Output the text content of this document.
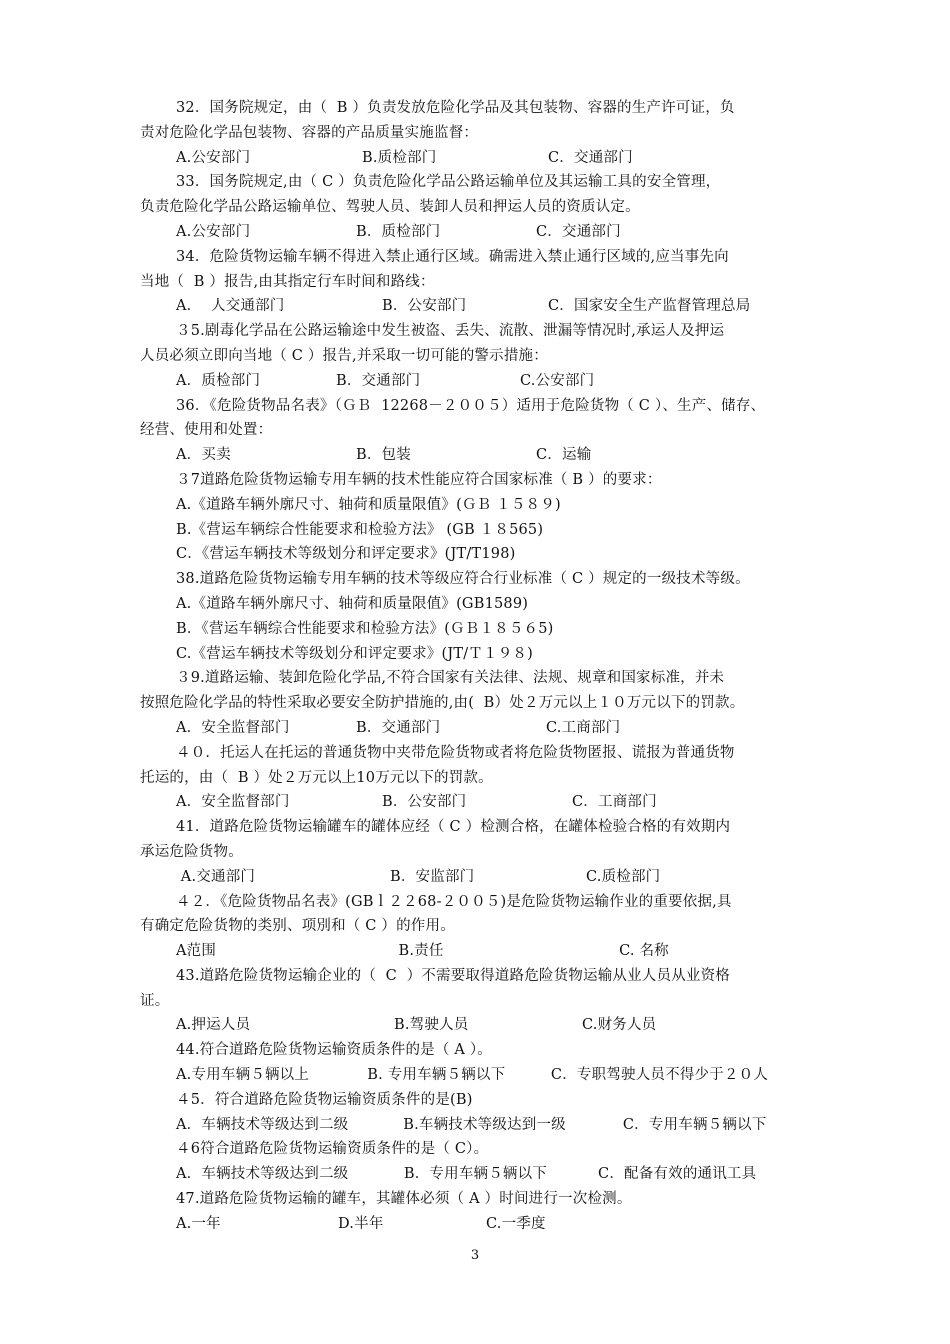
32．国务院规定，由（  B ）负责发放危险化学品及其包装物、容器的生产许可证，负
责对危险化学品包装物、容器的产品质量实施监督：
A.公安部门	B.质检部门	C．交通部门
33．国务院规定,由（ C ）负责危险化学品公路运输单位及其运输工具的安全管理，
负责危险化学品公路运输单位、驾驶人员、装卸人员和押运人员的资质认定。
A.公安部门	B．质检部门	C．交通部门
34．危险货物运输车辆不得进入禁止通行区域。确需进入禁止通行区域的,应当事先向
当地（  B ）报告,由其指定行车时间和路线：
A．  人交通部门	B．公安部门	C．国家安全生产监督管理总局
３5.剧毒化学品在公路运输途中发生被盗、丢失、流散、泄漏等情况时,承运人及押运
人员必须立即向当地（ C ）报告,并采取一切可能的警示措施：
A．质检部门	B．交通部门	C.公安部门
36．《危险货物品名表》（ＧＢ  12268－２００５）适用于危险货物（ C ）、生产、储存、
经营、使用和处置：
A．买卖	B．包装	C．运输
３7道路危险货物运输专用车辆的技术性能应符合国家标准（ B ）的要求：
A.《道路车辆外廓尺寸、轴荷和质量限值》(ＧＢ １５８９)
B.《营运车辆综合性能要求和检验方法》 (GB １８565)
C．《营运车辆技术等级划分和评定要求》(JT/T198)
38.道路危险货物运输专用车辆的技术等级应符合行业标准（ C ）规定的一级技术等级。
A.《道路车辆外廓尺寸、轴荷和质量限值》(GB1589)
B．《营运车辆综合性能要求和检验方法》(ＧＢ１８５６5)
C.《营运车辆技术等级划分和评定要求》(JT/Ｔ１９８)
３9.道路运输、装卸危险化学品,不符合国家有关法律、法规、规章和国家标准，并未
按照危险化学品的特性采取必要安全防护措施的,由(  B）处２万元以上１０万元以下的罚款。
A．安全监督部门	B．交通部门	C.工商部门
４０．托运人在托运的普通货物中夹带危险货物或者将危险货物匿报、谎报为普通货物
托运的，由（  B ）处２万元以上10万元以下的罚款。
A．安全监督部门	B．公安部门	C．工商部门
41．道路危险货物运输罐车的罐体应经（ C ）检测合格，在罐体检验合格的有效期内
承运危险货物。
A.交通部门	B．安监部门	C.质检部门
４２．《危险货物品名表》(GBｌ２２68-２００５)是危险货物运输作业的重要依据,具
有确定危险货物的类别、项別和（ C ）的作用。
A范围	B.责任	C. 名称
43.道路危险货物运输企业的（  C  ）不需要取得道路危险货物运输从业人员从业资格
证。
A.押运人员	B.驾驶人员	C.财务人员
44.符合道路危险货物运输资质条件的是（ A ）。
A.专用车辆５辆以上	B. 专用车辆５辆以下	C．专职驾驶人员不得少于２０人
４5．符合道路危险货物运输资质条件的是(B)
A．车辆技术等级达到二级	B.车辆技术等级达到一级	C．专用车辆５辆以下
４6符合道路危险货物运输资质条件的是（ C）。
A．车辆技术等级达到二级	B．专用车辆５辆以下	C．配备有效的通讯工具
47.道路危险货物运输的罐车，其罐体必须（ A ）时间进行一次检测。
A.一年	D.半年	C.一季度
3
